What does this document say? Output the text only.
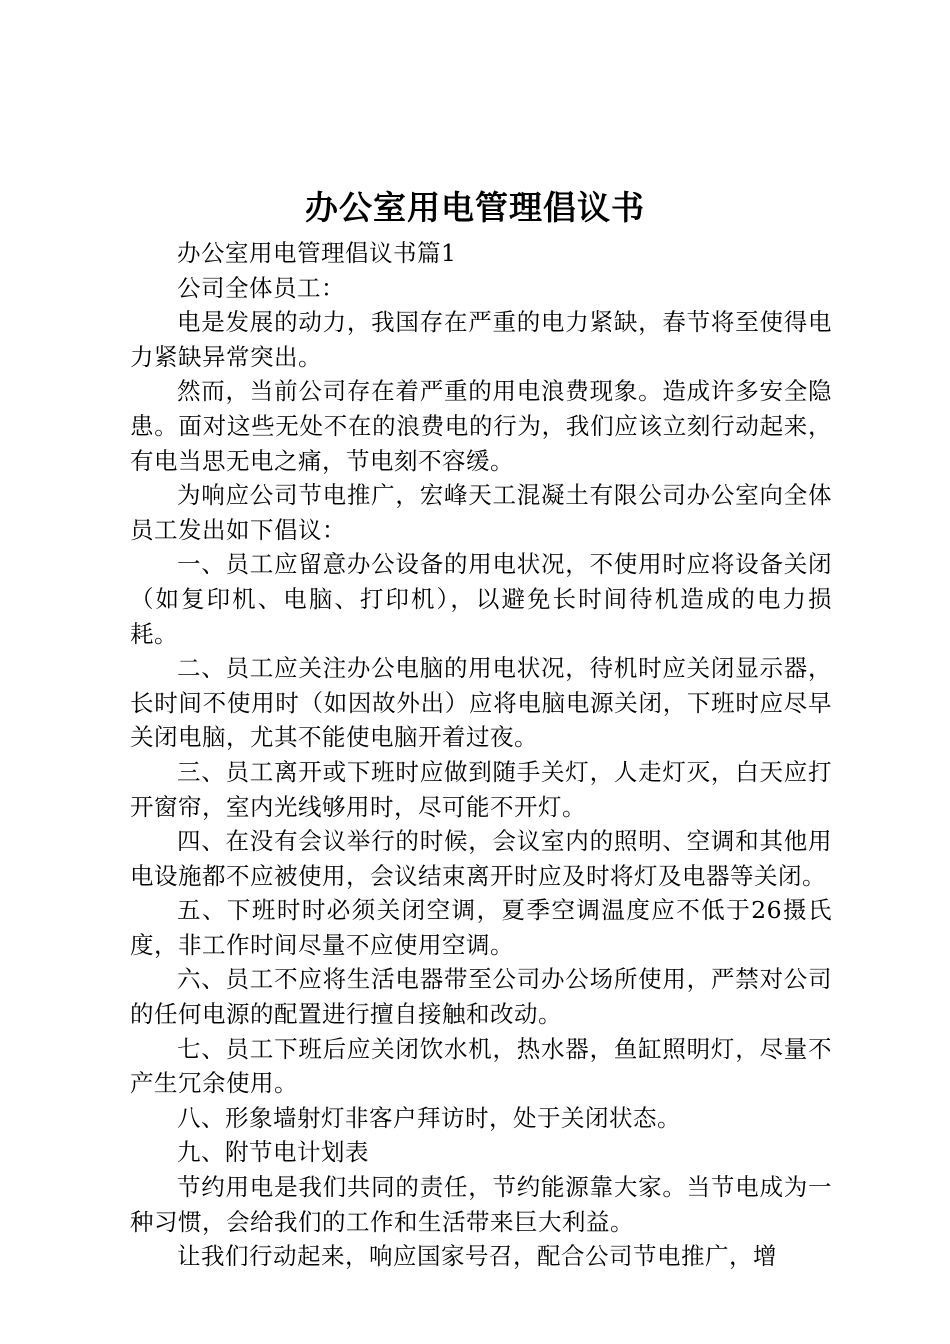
办公室用电管理倡议书

办公室用电管理倡议书篇1

公司全体员工：

电是发展的动力，我国存在严重的电力紧缺，春节将至使得电力紧缺异常突出。

然而，当前公司存在着严重的用电浪费现象。造成许多安全隐患。面对这些无处不在的浪费电的行为，我们应该立刻行动起来，有电当思无电之痛，节电刻不容缓。

为响应公司节电推广，宏峰天工混凝土有限公司办公室向全体员工发出如下倡议：

一、员工应留意办公设备的用电状况，不使用时应将设备关闭（如复印机、电脑、打印机），以避免长时间待机造成的电力损耗。

二、员工应关注办公电脑的用电状况，待机时应关闭显示器，长时间不使用时（如因故外出）应将电脑电源关闭，下班时应尽早关闭电脑，尤其不能使电脑开着过夜。

三、员工离开或下班时应做到随手关灯，人走灯灭，白天应打开窗帘，室内光线够用时，尽可能不开灯。

四、在没有会议举行的时候，会议室内的照明、空调和其他用电设施都不应被使用，会议结束离开时应及时将灯及电器等关闭。

五、下班时时必须关闭空调，夏季空调温度应不低于26摄氏度，非工作时间尽量不应使用空调。

六、员工不应将生活电器带至公司办公场所使用，严禁对公司的任何电源的配置进行擅自接触和改动。

七、员工下班后应关闭饮水机，热水器，鱼缸照明灯，尽量不产生冗余使用。

八、形象墙射灯非客户拜访时，处于关闭状态。

九、附节电计划表

节约用电是我们共同的责任，节约能源靠大家。当节电成为一种习惯，会给我们的工作和生活带来巨大利益。

让我们行动起来，响应国家号召，配合公司节电推广，增
